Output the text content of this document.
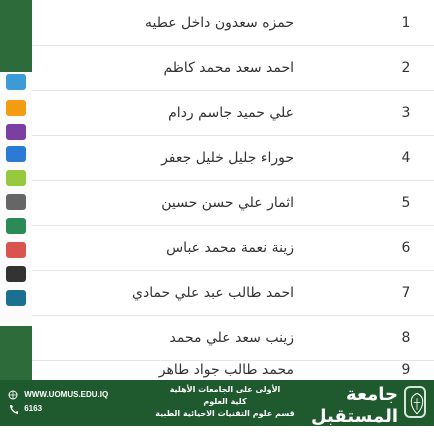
حمزه سعدون داخل عطيه	1
احمد سعد محمد كاظم	2
علي حميد جاسم ردام	3
حوراء جليل خليل جعفر	4
اثمار علي حسن حسين	5
زينة نعمة محمد عباس	6
احمد طالب عبد علي حمادي	7
زينب سعد علي محمد	8
محمد طالب جواد طاهر	9
WWW.UOMUS.EDU.IQ
6163
الأولى على الجامعات الأهلية
كلية العلوم
قسم علوم التقنيات الاحيائية الطبية
جامعة المستقبل
AL-MUSTAQBAL UNIVERSITY
